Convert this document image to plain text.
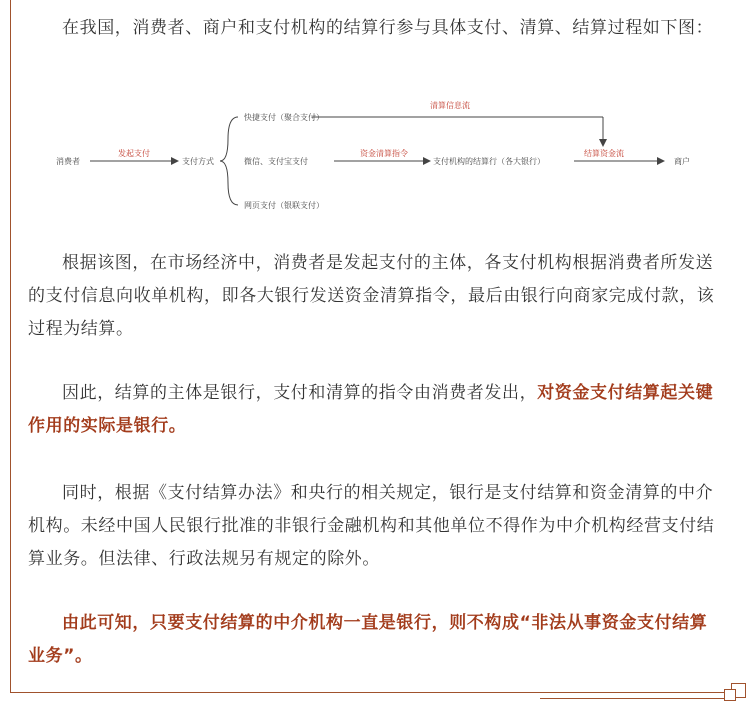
在我国，消费者、商户和支付机构的结算行参与具体支付、清算、结算过程如下图：

消费者
发起支付
支付方式
快捷支付（聚合支付）
微信、支付宝支付
网页支付（银联支付）
清算信息流
资金清算指令
支付机构的结算行（各大银行）
结算资金流
商户

根据该图，在市场经济中，消费者是发起支付的主体，各支付机构根据消费者所发送的支付信息向收单机构，即各大银行发送资金清算指令，最后由银行向商家完成付款，该过程为结算。

因此，结算的主体是银行，支付和清算的指令由消费者发出，对资金支付结算起关键作用的实际是银行。

同时，根据《支付结算办法》和央行的相关规定，银行是支付结算和资金清算的中介机构。未经中国人民银行批准的非银行金融机构和其他单位不得作为中介机构经营支付结算业务。但法律、行政法规另有规定的除外。

由此可知，只要支付结算的中介机构一直是银行，则不构成“非法从事资金支付结算业务”。
